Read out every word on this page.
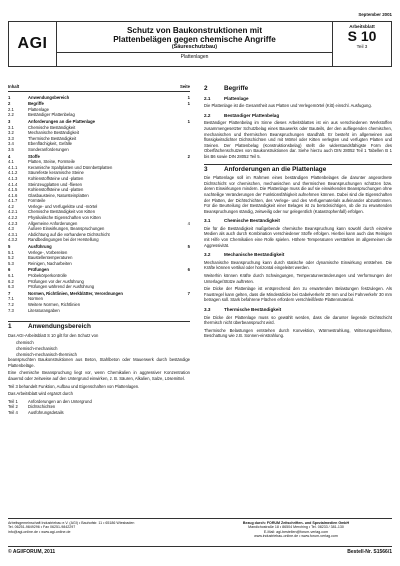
September 2001
AGI
Schutz von Baukonstruktionen mit
Plattenbelägen gegen chemische Angriffe
(Säureschutzbau)
Plattenlagen
Arbeitsblatt
S 10
Teil 3
Inhalt	Seite
1	Anwendungsbereich	1
2	Begriffe	1
2.1	Plattenlage
2.2	Beständiger Plattenbelag
3	Anforderungen an die Plattenlage	1
3.1	Chemische Beständigkeit
3.2	Mechanische Beständigkeit
3.3	Thermische Beständigkeit
3.4	Ebenflächigkeit, Gefälle
3.5	Sonderanforderungen
4	Stoffe	2
4.1	Platten, Steine, Formteile
4.1.1	Keramische Spaltplatten und Dünnbettplatten
4.1.2	Säurefeste keramische Steine
4.1.3	Kohlenstoffsteine und -platten
4.1.4	Steinzeugplatten und -fliesen
4.1.5	Kohlenstoffsteine und -platten
4.1.6	Glasbausteine, Natursteinplatten
4.1.7	Formteile
4.2	Verlege- und Verfugekitte und -mörtel
4.2.1	Chemische Beständigkeit von Kitten
4.2.2	Physikalische Eigenschaften von Kitten
4.2.3	Allgemeine Anforderungen	4
4.3	Äußere Einwirkungen, Beanspruchungen
4.3.1	Abdichtung auf die vorhandene Dichtschicht
4.3.2	Randbedingungen bei der Herstellung
5	Ausführung	5
5.1	Verlege-, Vorbereiten
5.2	Baustellentemperaturen
5.3	Reinigen, Nacharbeiten
6	Prüfungen	6
6.1	Probekörperkontrolle
6.2	Prüfungen vor der Ausführung
6.3	Prüfungen während der Ausführung
7	Normen, Richtlinien, Merkblätter, Verordnungen	7
7.1	Normen
7.2	Weitere Normen, Richtlinien
7.3	Literaturangaben
1	Anwendungsbereich
Das AGI-Arbeitsblatt S 10 gilt für den Schutz von
chemisch
chemisch-mechanisch
chemisch-mechanisch-thermisch
beanspruchten Baukonstruktionen aus Beton, Stahlbeton oder Mauerwerk durch beständige Plattenbeläge.
Eine chemische Beanspruchung liegt vor, wenn Chemikalien in aggressiver Konzentration dauernd oder zeitweise auf den Untergrund einwirken, z. B. Säuren, Alkalien, Salze, Lösemittel.
Teil 3 behandelt Funktion, Aufbau und Eigenschaften von Plattenlagen.
Das Arbeitsblatt wird ergänzt durch
Teil 1	Anforderungen an den Untergrund
Teil 2	Dichtschichten
Teil 4	Ausführungsdetails
2	Begriffe
2.1	Plattenlage
Die Plattenlage ist die Gesamtheit aus Platten und Verlegemörtel (Kitt) einschl. Ausfugung.
2.2	Beständiger Plattenbelag
Beständiger Plattenbelag im Sinne dieses Arbeitsblattes ist ein aus verschiedenen Werkstoffen zusammengesetzter Schutzbelag eines Bauwerks oder Bauteils, der den aufliegenden chemischen, mechanischen und thermischen Beanspruchungen standhält. Er besteht im allgemeinen aus flüssigkeitsdichter Dichtschichten und mit Mörtel oder Kitten verlegten und verfugten Platten und Steinen. Der Plattenbelag (Konstruktionsbelag) stellt die widerstandsfähigste Form des Oberflächenschutzes von Baukonstruktionen dar. Siehe hierzu auch DIN 28052 Teil 1 Tabellen B 1 bis B6 sowie DIN 28052 Teil 5.
3	Anforderungen an die Plattenlage
Die Plattenlage soll im Rahmen eines beständigen Plattenbelages die darunter angeordnete Dichtschicht vor chemischen, mechanischen und thermischen Beanspruchungen schützen bzw. deren Einwirkungen mindern. Die Plattenlage muss die auf sie einwirkenden Beanspruchungen ohne nachteilige Veränderungen der Funktionsfähigkeit aufnehmen können. Dabei sind die Eigenschaften der Platten, der Dichtschichten, des Verlege- und des Verfugematerials aufeinander abzustimmen. Für die Beurteilung der Beständigkeit einer Belages ist zu berücksichtigen, ob die zu erwartenden Beanspruchungen ständig, zeitweilig oder nur gelegentlich (Katastrophenfall) erfolgen.
3.1	Chemische Beständigkeit
Die für die Beständigkeit maßgebende chemische Beanspruchung kann sowohl durch einzelne Medien als auch durch Kombination verschiedener Stoffe erfolgen. Hierbei kann auch das Reinigen mit Hilfe von Chemikalien eine Rolle spielen. Höhere Temperaturen verstärken im allgemeinen die Aggressivität.
3.2	Mechanische Beständigkeit
Mechanische Beanspruchung kann durch statische oder dynamische Einwirkung entstehen. Die Kräfte können vertikal oder horizontal eingeleitet werden.
Weiterhin können Kräfte durch Schwingungen, Temperaturveränderungen und Verformungen der Unterlage/Stütze auftreten.
Die Dicke der Plattenlage ist entsprechend den zu erwartenden Belastungen festzulegen. Als Faustregel kann gelten, dass die Mindestdicke bei Gabelverkehr 20 mm und bei Fahrverkehr 30 mm betragen soll. Stark befahrene Flächen erfordern verschleißfeste Plattenmaterial.
3.3	Thermische Beständigkeit
Die Dicke der Plattenlage muss so gewählt werden, dass die darunter liegende Dichtschicht thermisch nicht überbeansprucht wird.
Thermische Belastungen entstehen durch Konvektion, Wärmestrahlung, Witterungseinflüsse, Beschattung wie z.B. Sonnen-einstrahlung.
Arbeitsgemeinschaft Industriebau e.V. (AGI) • Bauhofstr. 11 • 65186 Wiesbaden
Tel. 06251-9849296 • Fax 06251-9842297
info@agi-online.de • www.agi-online.de
Bezug durch: FORUM Zeitschriften- und Spezialmedien GmbH
Mandichostraße 18 • 86504 Merching • Tel. 08233 / 381-130
E-Mail: agi-bestellen@forum-verlag.com
www.industriebau-online.de • www.forum-verlag.com
© AGI/FORUM, 2011	Bestell-Nr. S1566/1
